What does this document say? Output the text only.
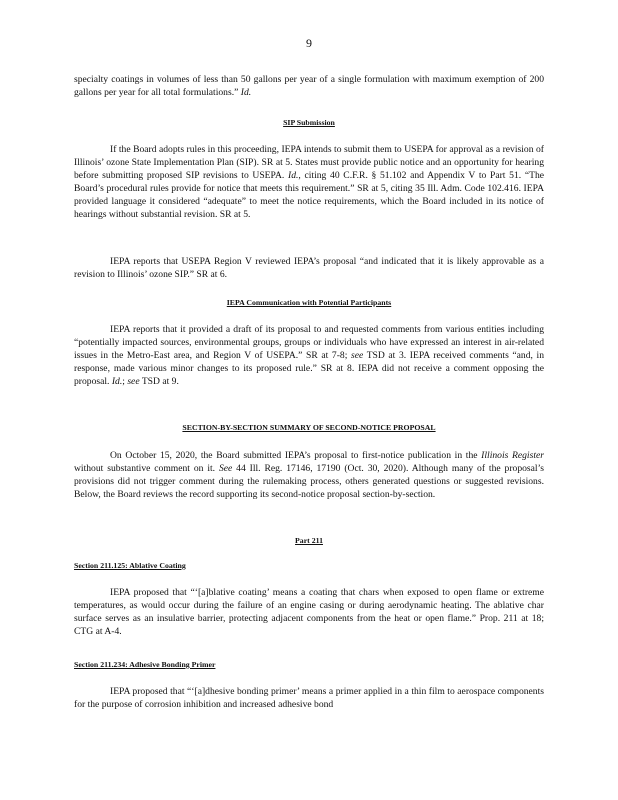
9

specialty coatings in volumes of less than 50 gallons per year of a single formulation with maximum exemption of 200 gallons per year for all total formulations.” Id.

SIP Submission

If the Board adopts rules in this proceeding, IEPA intends to submit them to USEPA for approval as a revision of Illinois’ ozone State Implementation Plan (SIP). SR at 5. States must provide public notice and an opportunity for hearing before submitting proposed SIP revisions to USEPA. Id., citing 40 C.F.R. § 51.102 and Appendix V to Part 51. “The Board’s procedural rules provide for notice that meets this requirement.” SR at 5, citing 35 Ill. Adm. Code 102.416. IEPA provided language it considered “adequate” to meet the notice requirements, which the Board included in its notice of hearings without substantial revision. SR at 5.

IEPA reports that USEPA Region V reviewed IEPA’s proposal “and indicated that it is likely approvable as a revision to Illinois’ ozone SIP.” SR at 6.

IEPA Communication with Potential Participants

IEPA reports that it provided a draft of its proposal to and requested comments from various entities including “potentially impacted sources, environmental groups, groups or individuals who have expressed an interest in air-related issues in the Metro-East area, and Region V of USEPA.” SR at 7-8; see TSD at 3. IEPA received comments “and, in response, made various minor changes to its proposed rule.” SR at 8. IEPA did not receive a comment opposing the proposal. Id.; see TSD at 9.

SECTION-BY-SECTION SUMMARY OF SECOND-NOTICE PROPOSAL

On October 15, 2020, the Board submitted IEPA’s proposal to first-notice publication in the Illinois Register without substantive comment on it. See 44 Ill. Reg. 17146, 17190 (Oct. 30, 2020). Although many of the proposal’s provisions did not trigger comment during the rulemaking process, others generated questions or suggested revisions. Below, the Board reviews the record supporting its second-notice proposal section-by-section.

Part 211
Section 211.125: Ablative Coating

IEPA proposed that “‘[a]blative coating’ means a coating that chars when exposed to open flame or extreme temperatures, as would occur during the failure of an engine casing or during aerodynamic heating. The ablative char surface serves as an insulative barrier, protecting adjacent components from the heat or open flame.” Prop. 211 at 18; CTG at A-4.

Section 211.234: Adhesive Bonding Primer

IEPA proposed that “‘[a]dhesive bonding primer’ means a primer applied in a thin film to aerospace components for the purpose of corrosion inhibition and increased adhesive bond
